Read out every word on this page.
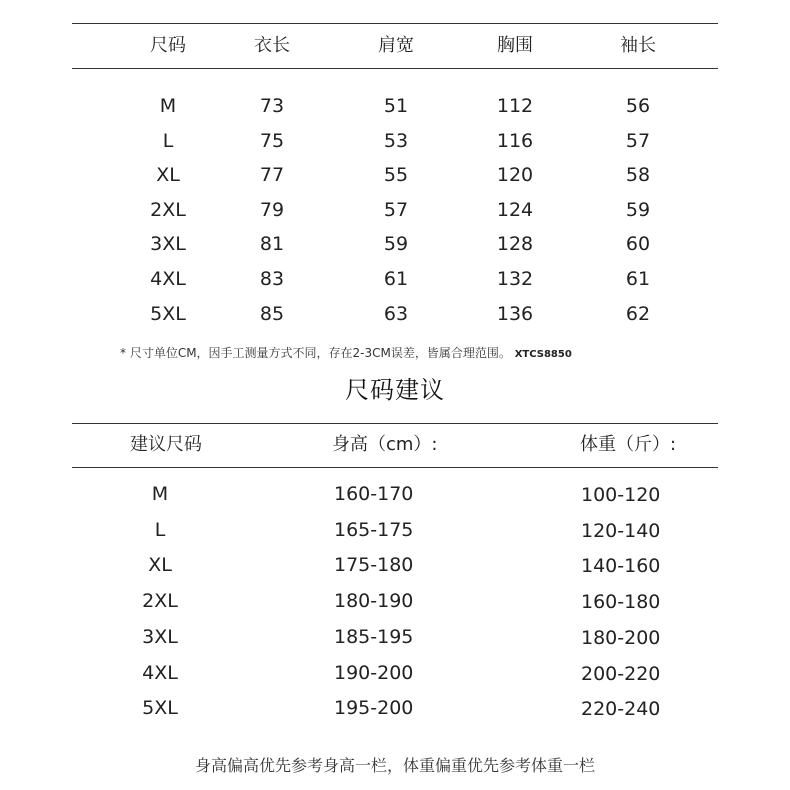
尺码	衣长	肩宽	胸围	袖长
M	73	51	112	56
L	75	53	116	57
XL	77	55	120	58
2XL	79	57	124	59
3XL	81	59	128	60
4XL	83	61	132	61
5XL	85	63	136	62
* 尺寸单位CM，因手工测量方式不同，存在2-3CM误差，皆属合理范围。 XTCS8850
尺码建议
建议尺码	身高（cm）:	体重（斤）:
M	160-170	100-120
L	165-175	120-140
XL	175-180	140-160
2XL	180-190	160-180
3XL	185-195	180-200
4XL	190-200	200-220
5XL	195-200	220-240
身高偏高优先参考身高一栏，体重偏重优先参考体重一栏
